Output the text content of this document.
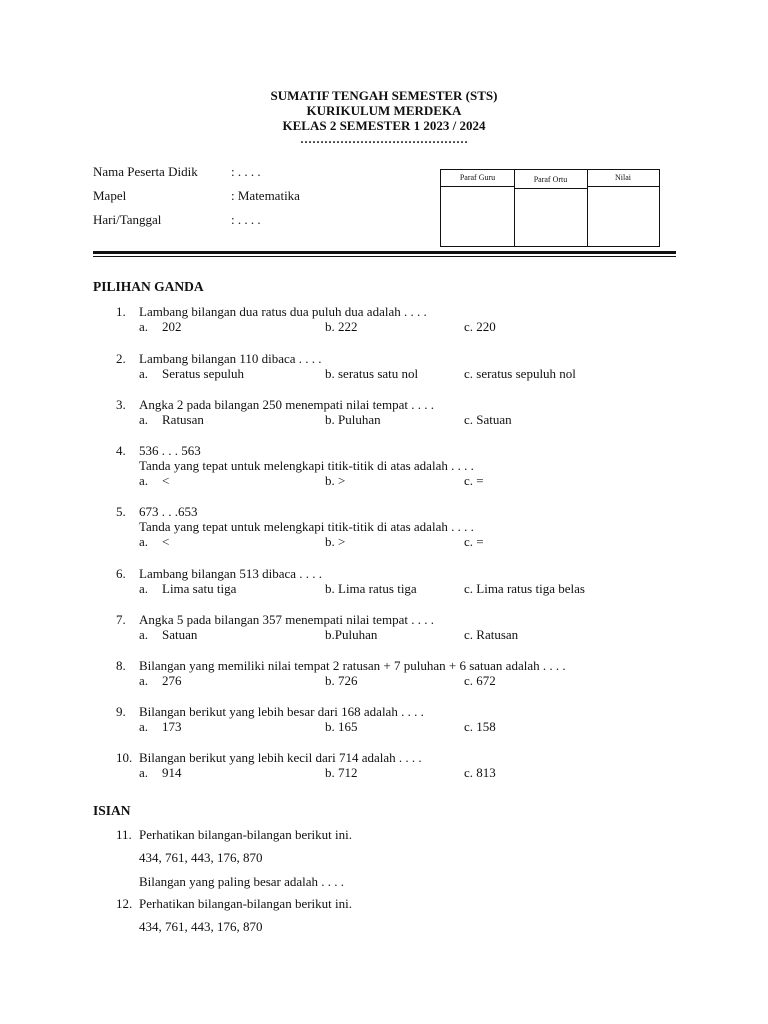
SUMATIF TENGAH SEMESTER (STS)
KURIKULUM MERDEKA
KELAS 2 SEMESTER 1 2023 / 2024
……………………………………
Nama Peserta Didik	: . . . .
Mapel	: Matematika
Hari/Tanggal	: . . . .
Paraf Guru	Paraf Ortu	Nilai
PILIHAN GANDA
1.	Lambang bilangan dua ratus dua puluh dua adalah . . . .
a. 202	b. 222	c. 220
2.	Lambang bilangan 110 dibaca . . . .
a. Seratus sepuluh	b. seratus satu nol	c. seratus sepuluh nol
3.	Angka 2 pada bilangan 250 menempati nilai tempat . . . .
a. Ratusan	b. Puluhan	c. Satuan
4.	536 . . . 563
Tanda yang tepat untuk melengkapi titik-titik di atas adalah . . . .
a. <	b. >	c. =
5.	673 . . .653
Tanda yang tepat untuk melengkapi titik-titik di atas adalah . . . .
a. <	b. >	c. =
6.	Lambang bilangan 513 dibaca . . . .
a. Lima satu tiga	b. Lima ratus tiga	c. Lima ratus tiga belas
7.	Angka 5 pada bilangan 357 menempati nilai tempat . . . .
a. Satuan	b.Puluhan	c. Ratusan
8.	Bilangan yang memiliki nilai tempat 2 ratusan + 7 puluhan + 6 satuan adalah . . . .
a. 276	b. 726	c. 672
9.	Bilangan berikut yang lebih besar dari 168 adalah . . . .
a. 173	b. 165	c. 158
10. Bilangan berikut yang lebih kecil dari 714 adalah . . . .
a. 914	b. 712	c. 813
ISIAN
11. Perhatikan bilangan-bilangan berikut ini.
434, 761, 443, 176, 870
Bilangan yang paling besar adalah . . . .
12. Perhatikan bilangan-bilangan berikut ini.
434, 761, 443, 176, 870
